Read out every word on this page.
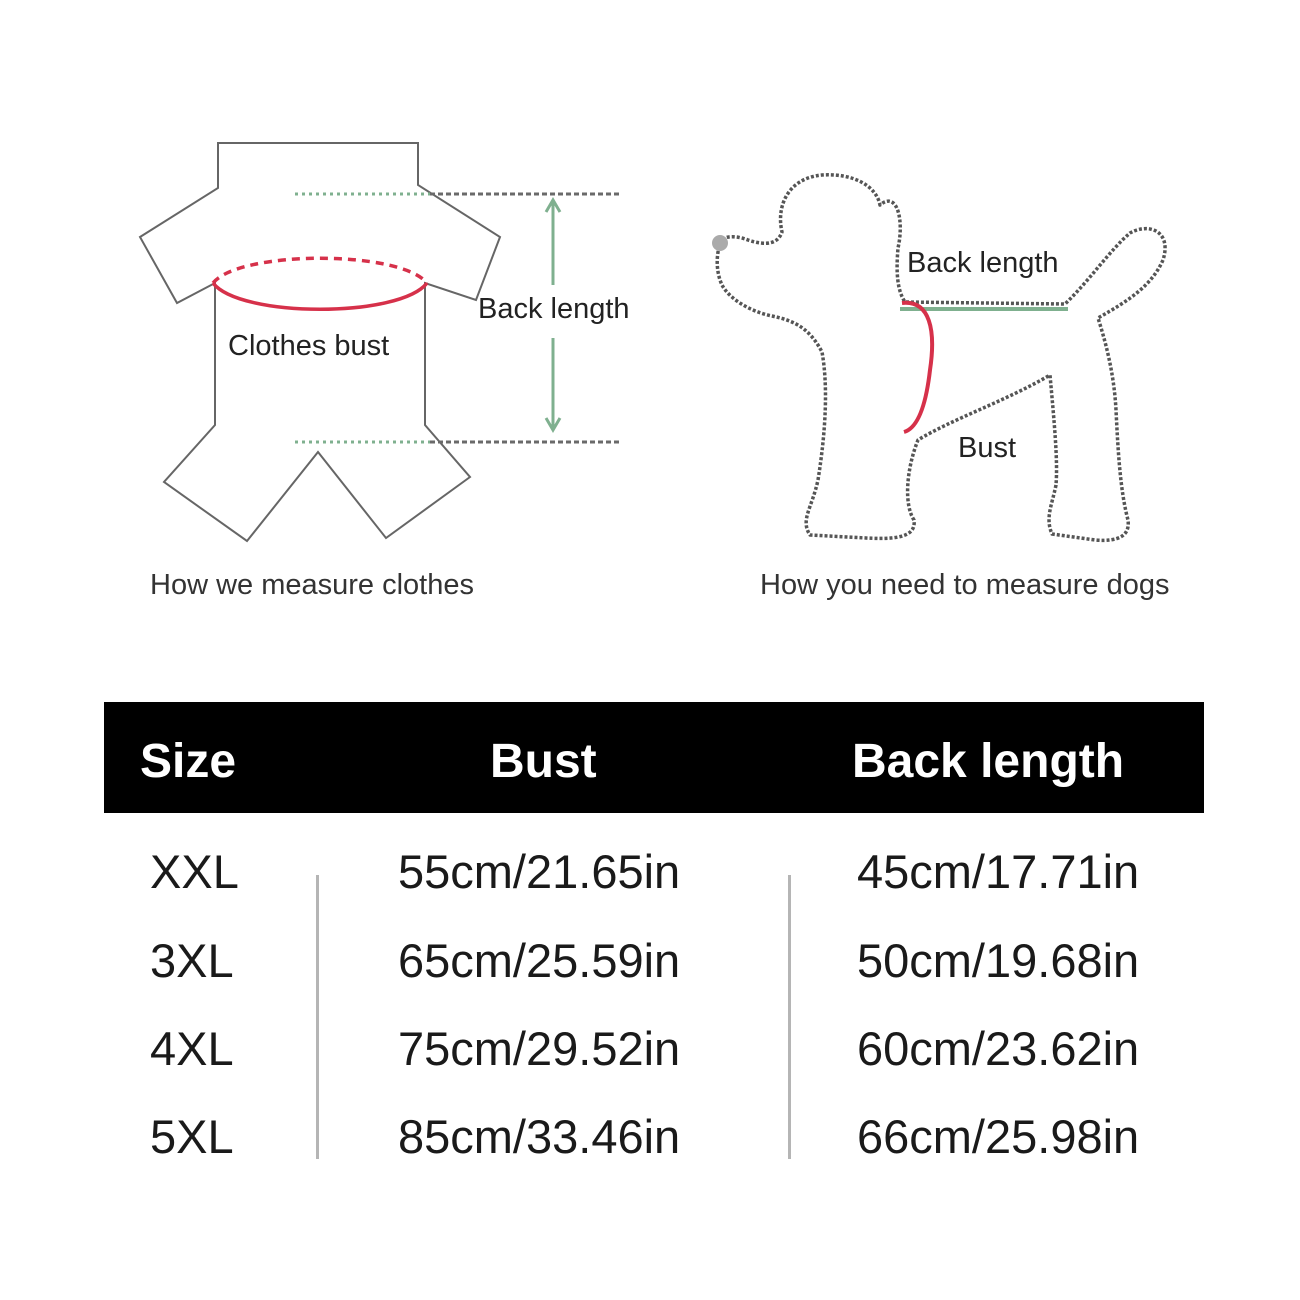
Clothes bust
Back length
Back length
Bust
How we measure clothes	How you need to measure dogs
Size	Bust	Back length
XXL	55cm/21.65in	45cm/17.71in
3XL	65cm/25.59in	50cm/19.68in
4XL	75cm/29.52in	60cm/23.62in
5XL	85cm/33.46in	66cm/25.98in
